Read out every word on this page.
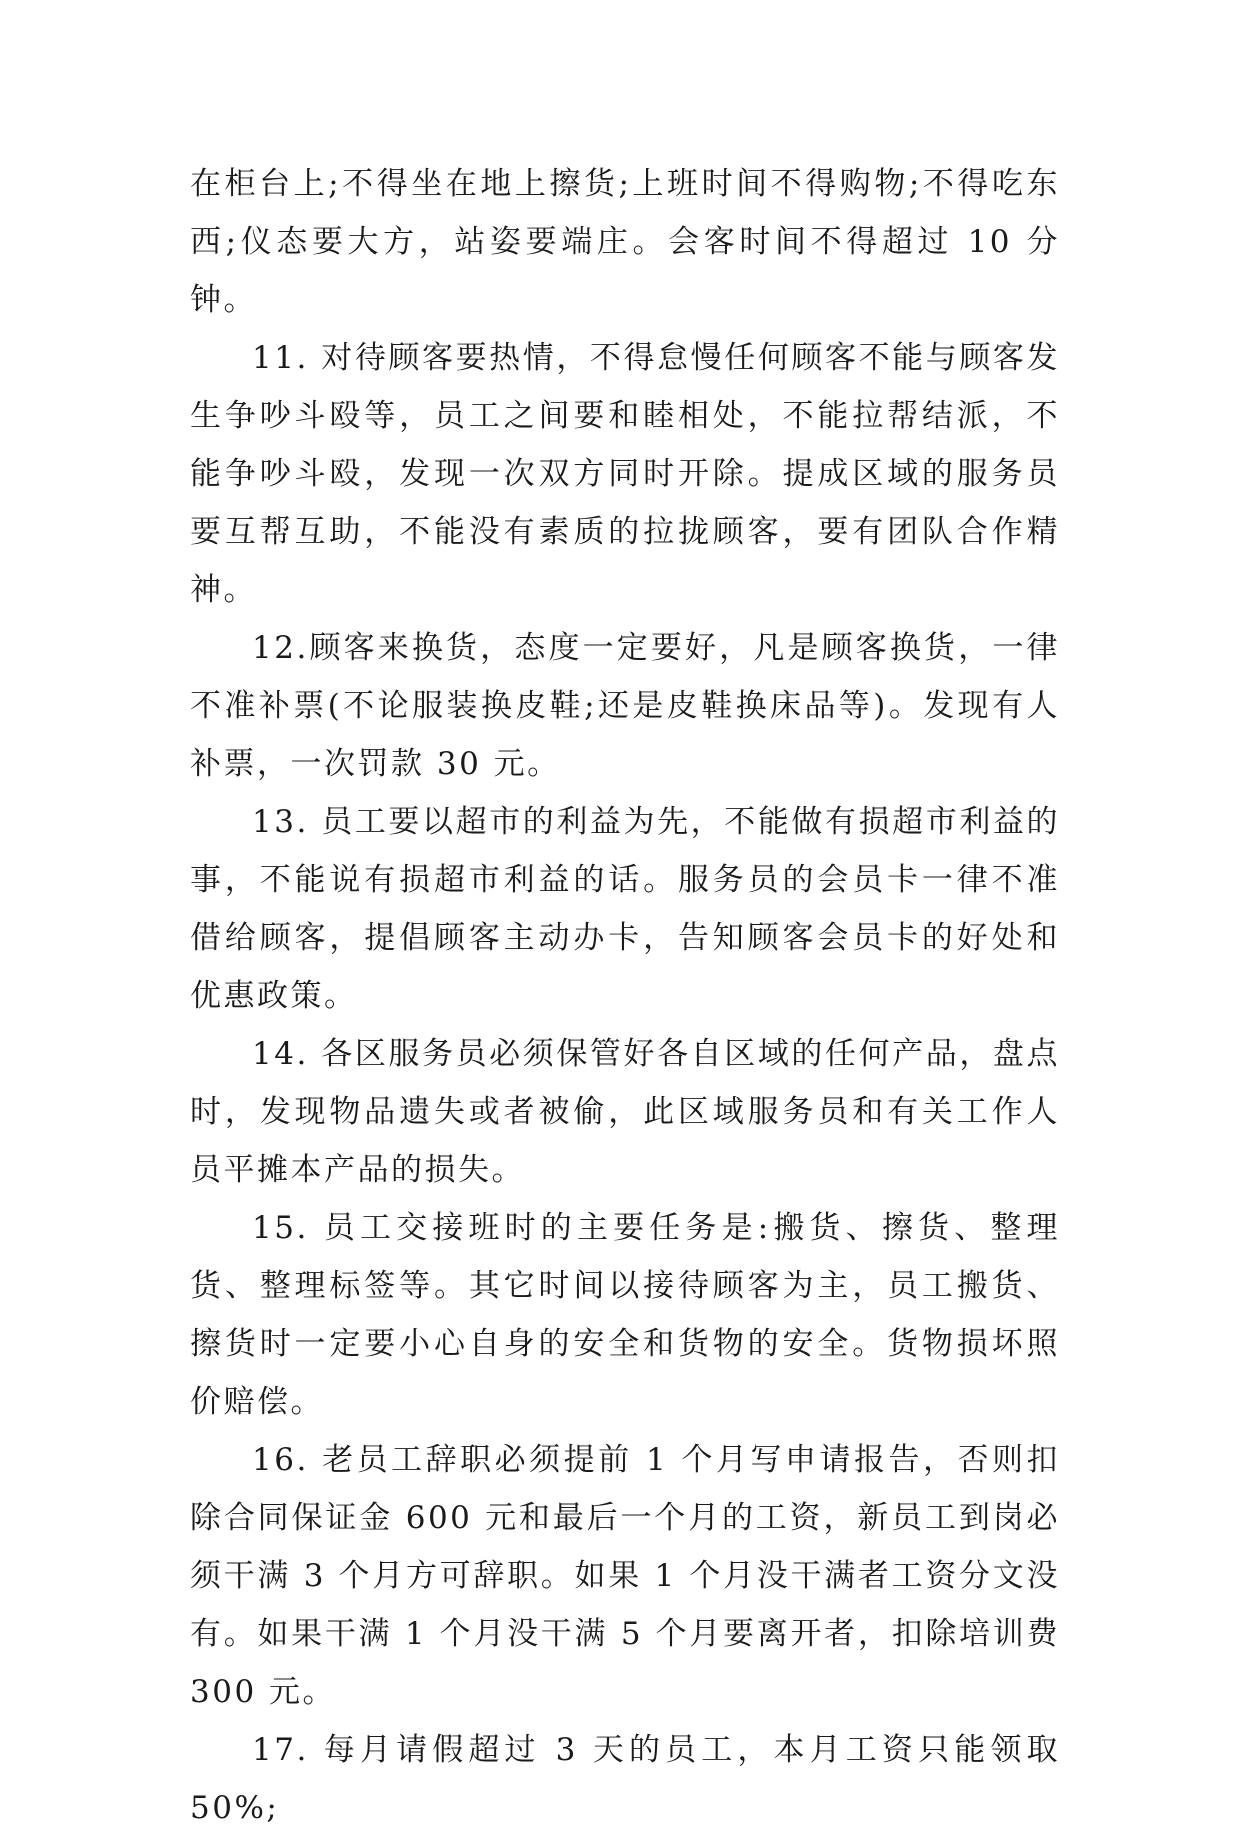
在柜台上;不得坐在地上擦货;上班时间不得购物;不得吃东西;仪态要大方，站姿要端庄。会客时间不得超过 10 分钟。

11. 对待顾客要热情，不得怠慢任何顾客不能与顾客发生争吵斗殴等，员工之间要和睦相处，不能拉帮结派，不能争吵斗殴，发现一次双方同时开除。提成区域的服务员要互帮互助，不能没有素质的拉拢顾客，要有团队合作精神。

12.顾客来换货，态度一定要好，凡是顾客换货，一律不准补票(不论服装换皮鞋;还是皮鞋换床品等)。发现有人补票，一次罚款 30 元。

13. 员工要以超市的利益为先，不能做有损超市利益的事，不能说有损超市利益的话。服务员的会员卡一律不准借给顾客，提倡顾客主动办卡，告知顾客会员卡的好处和优惠政策。

14. 各区服务员必须保管好各自区域的任何产品，盘点时，发现物品遗失或者被偷，此区域服务员和有关工作人员平摊本产品的损失。

15. 员工交接班时的主要任务是:搬货、擦货、整理货、整理标签等。其它时间以接待顾客为主，员工搬货、擦货时一定要小心自身的安全和货物的安全。货物损坏照价赔偿。

16. 老员工辞职必须提前 1 个月写申请报告，否则扣除合同保证金 600 元和最后一个月的工资，新员工到岗必须干满 3 个月方可辞职。如果 1 个月没干满者工资分文没有。如果干满 1 个月没干满 5 个月要离开者，扣除培训费 300 元。

17. 每月请假超过 3 天的员工，本月工资只能领取 50%;
